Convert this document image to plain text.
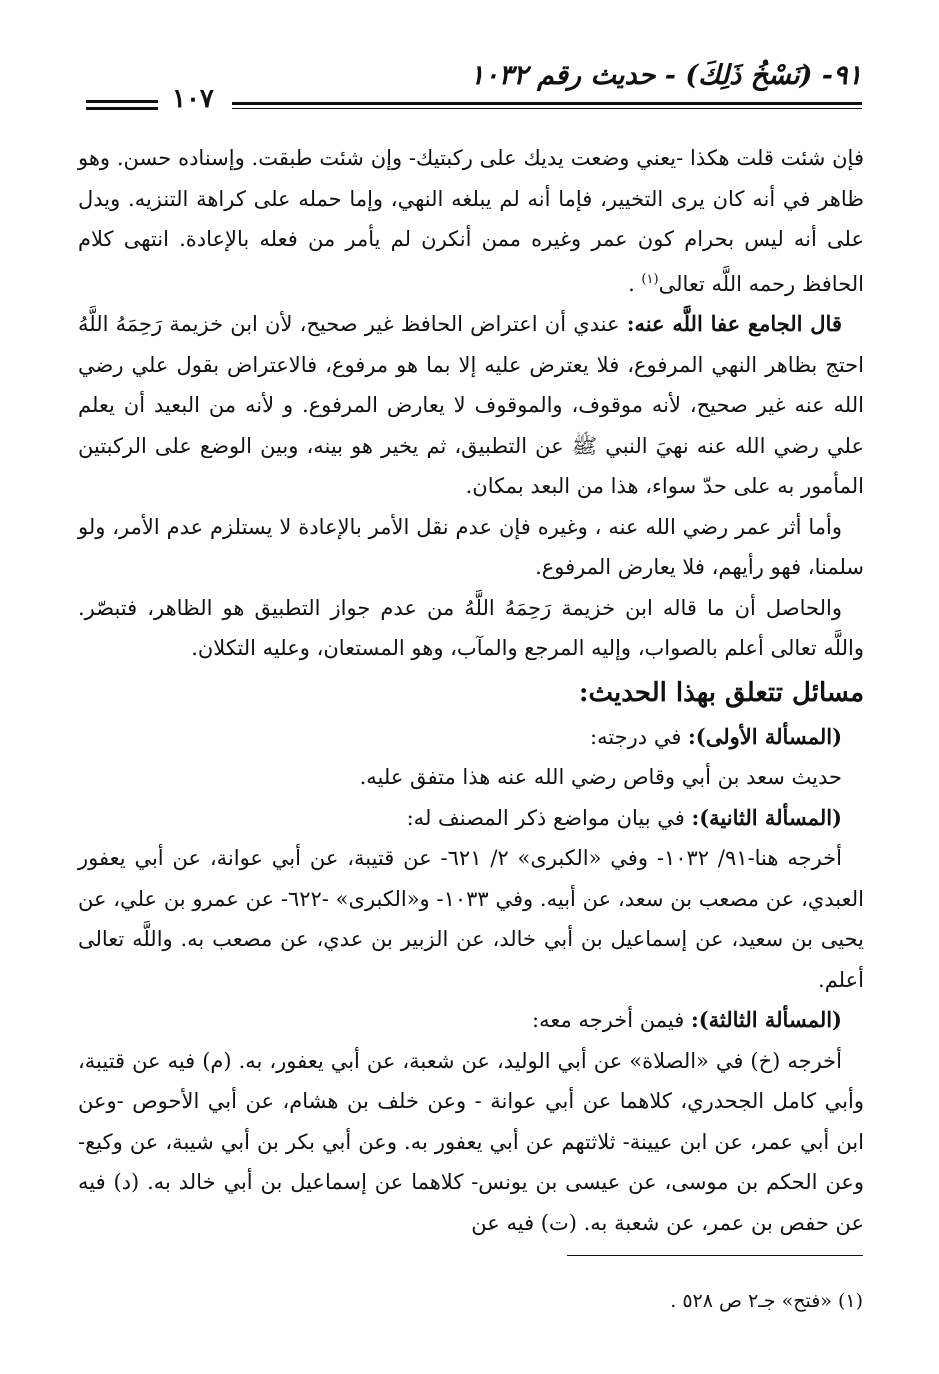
٩١- (نَسْخُ ذَلِكَ) - حديث رقم ١٠٣٢
١٠٧

فإن شئت قلت هكذا -يعني وضعت يديك على ركبتيك- وإن شئت طبقت. وإسناده حسن. وهو ظاهر في أنه كان يرى التخيير، فإما أنه لم يبلغه النهي، وإما حمله على كراهة التنزيه. ويدل على أنه ليس بحرام كون عمر وغيره ممن أنكرن لم يأمر من فعله بالإعادة. انتهى كلام الحافظ رحمه اللَّه تعالى$^{(١)}$ .

قال الجامع عفا اللَّه عنه: عندي أن اعتراض الحافظ غير صحيح، لأن ابن خزيمة رَحِمَهُ اللَّهُ احتج بظاهر النهي المرفوع، فلا يعترض عليه إلا بما هو مرفوع، فالاعتراض بقول علي رضي الله عنه غير صحيح، لأنه موقوف، والموقوف لا يعارض المرفوع. و لأنه من البعيد أن يعلم علي رضي الله عنه نهيَ النبي ﷺ عن التطبيق، ثم يخير هو بينه، وبين الوضع على الركبتين المأمور به على حدّ سواء، هذا من البعد بمكان.

وأما أثر عمر رضي الله عنه ، وغيره فإن عدم نقل الأمر بالإعادة لا يستلزم عدم الأمر، ولو سلمنا، فهو رأيهم، فلا يعارض المرفوع.

والحاصل أن ما قاله ابن خزيمة رَحِمَهُ اللَّهُ من عدم جواز التطبيق هو الظاهر، فتبصّر. واللَّه تعالى أعلم بالصواب، وإليه المرجع والمآب، وهو المستعان، وعليه التكلان.

مسائل تتعلق بهذا الحديث:

(المسألة الأولى): في درجته:

حديث سعد بن أبي وقاص رضي الله عنه هذا متفق عليه.

(المسألة الثانية): في بيان مواضع ذكر المصنف له:

أخرجه هنا-٩١/ ١٠٣٢- وفي «الكبرى» ٢/ ٦٢١- عن قتيبة، عن أبي عوانة، عن أبي يعفور العبدي، عن مصعب بن سعد، عن أبيه. وفي ١٠٣٣- و«الكبرى» -٦٢٢- عن عمرو بن علي، عن يحيى بن سعيد، عن إسماعيل بن أبي خالد، عن الزبير بن عدي، عن مصعب به. واللَّه تعالى أعلم.

(المسألة الثالثة): فيمن أخرجه معه:

أخرجه (خ) في «الصلاة» عن أبي الوليد، عن شعبة، عن أبي يعفور، به. (م) فيه عن قتيبة، وأبي كامل الجحدري، كلاهما عن أبي عوانة - وعن خلف بن هشام، عن أبي الأحوص -وعن ابن أبي عمر، عن ابن عيينة- ثلاثتهم عن أبي يعفور به. وعن أبي بكر بن أبي شيبة، عن وكيع- وعن الحكم بن موسى، عن عيسى بن يونس- كلاهما عن إسماعيل بن أبي خالد به. (د) فيه عن حفص بن عمر، عن شعبة به. (ت) فيه عن

(١) «فتح» جـ٢ ص ٥٢٨ .
